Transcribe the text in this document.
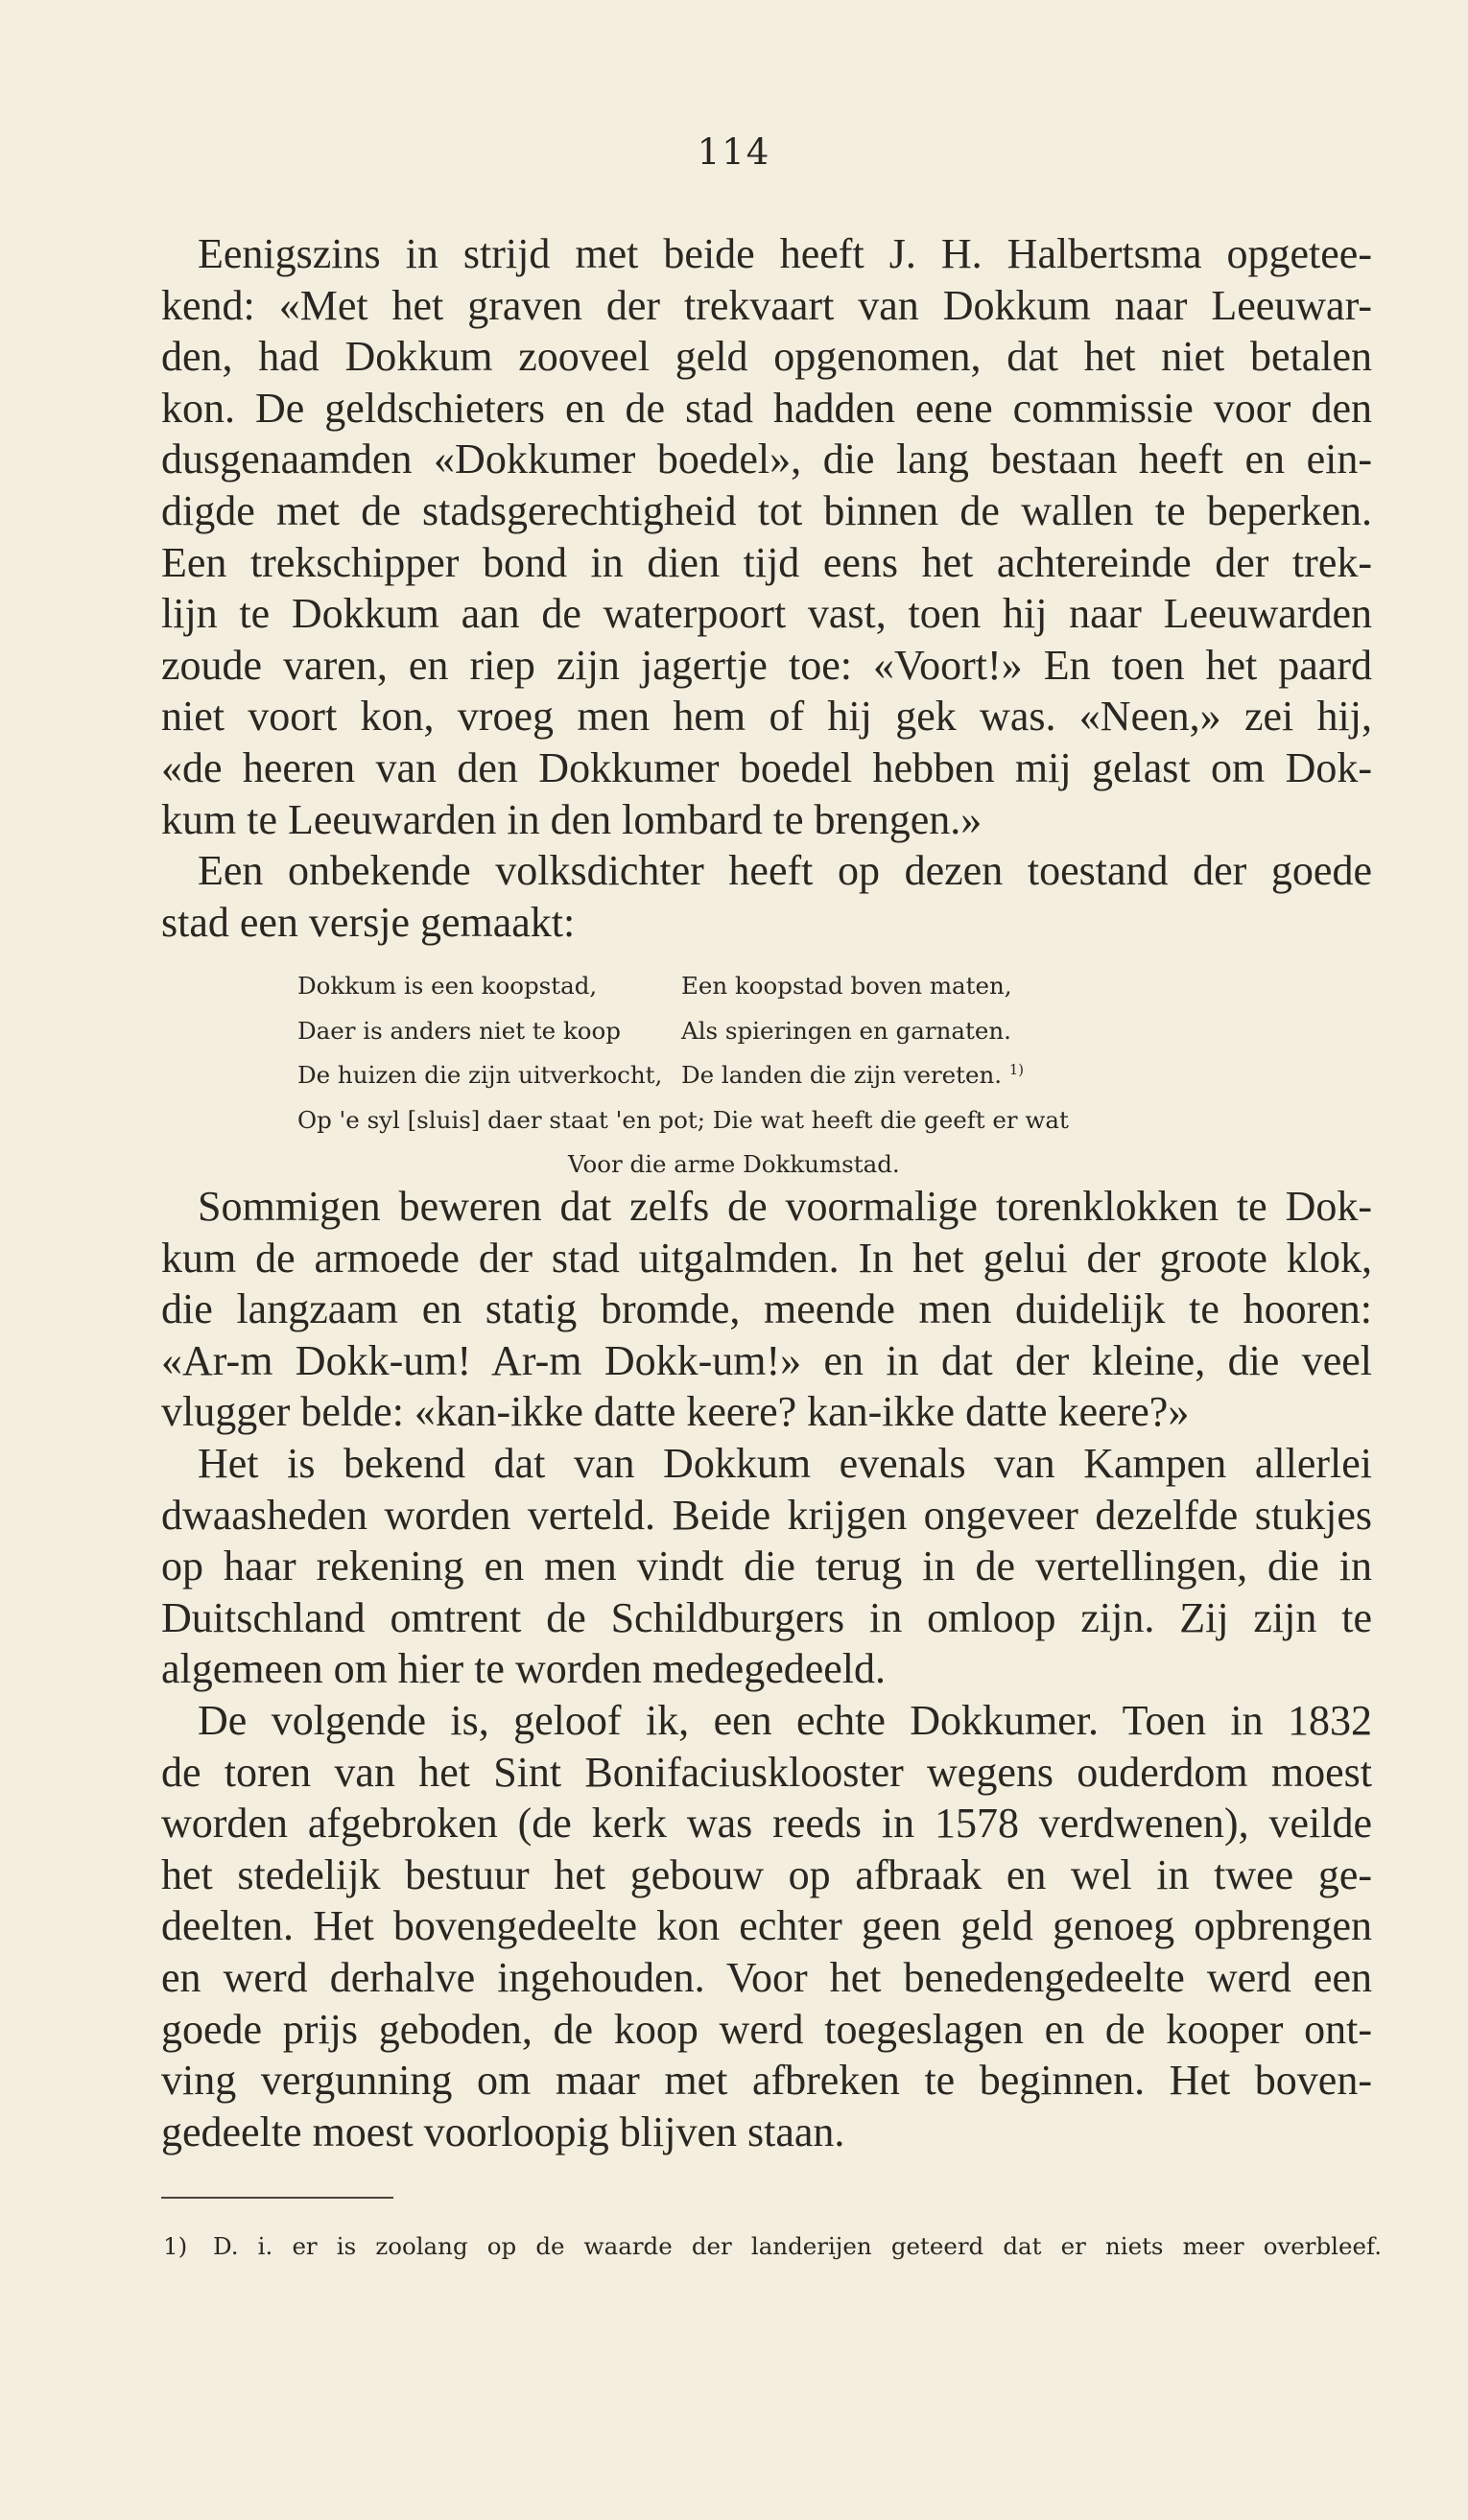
114
Eenigszins in strijd met beide heeft J. H. Halbertsma opgetee-
kend: «Met het graven der trekvaart van Dokkum naar Leeuwar-
den, had Dokkum zooveel geld opgenomen, dat het niet betalen
kon. De geldschieters en de stad hadden eene commissie voor den
dusgenaamden «Dokkumer boedel», die lang bestaan heeft en ein-
digde met de stadsgerechtigheid tot binnen de wallen te beperken.
Een trekschipper bond in dien tijd eens het achtereinde der trek-
lijn te Dokkum aan de waterpoort vast, toen hij naar Leeuwarden
zoude varen, en riep zijn jagertje toe: «Voort!» En toen het paard
niet voort kon, vroeg men hem of hij gek was. «Neen,» zei hij,
«de heeren van den Dokkumer boedel hebben mij gelast om Dok-
kum te Leeuwarden in den lombard te brengen.»
Een onbekende volksdichter heeft op dezen toestand der goede
stad een versje gemaakt:
Dokkum is een koopstad,	Een koopstad boven maten,
Daer is anders niet te koop	Als spieringen en garnaten.
De huizen die zijn uitverkocht, De landen die zijn vereten. $^{1)}$
Op 'e syl [sluis] daer staat 'en pot; Die wat heeft die geeft er wat
Voor die arme Dokkumstad.
Sommigen beweren dat zelfs de voormalige torenklokken te Dok-
kum de armoede der stad uitgalmden. In het gelui der groote klok,
die langzaam en statig bromde, meende men duidelijk te hooren:
«Ar-m Dokk-um! Ar-m Dokk-um!» en in dat der kleine, die veel
vlugger belde: «kan-ikke datte keere? kan-ikke datte keere?»
Het is bekend dat van Dokkum evenals van Kampen allerlei
dwaasheden worden verteld. Beide krijgen ongeveer dezelfde stukjes
op haar rekening en men vindt die terug in de vertellingen, die in
Duitschland omtrent de Schildburgers in omloop zijn. Zij zijn te
algemeen om hier te worden medegedeeld.
De volgende is, geloof ik, een echte Dokkumer. Toen in 1832
de toren van het Sint Bonifaciusklooster wegens ouderdom moest
worden afgebroken (de kerk was reeds in 1578 verdwenen), veilde
het stedelijk bestuur het gebouw op afbraak en wel in twee ge-
deelten. Het bovengedeelte kon echter geen geld genoeg opbrengen
en werd derhalve ingehouden. Voor het benedengedeelte werd een
goede prijs geboden, de koop werd toegeslagen en de kooper ont-
ving vergunning om maar met afbreken te beginnen. Het boven-
gedeelte moest voorloopig blijven staan.
1) D. i. er is zoolang op de waarde der landerijen geteerd dat er niets meer overbleef.
